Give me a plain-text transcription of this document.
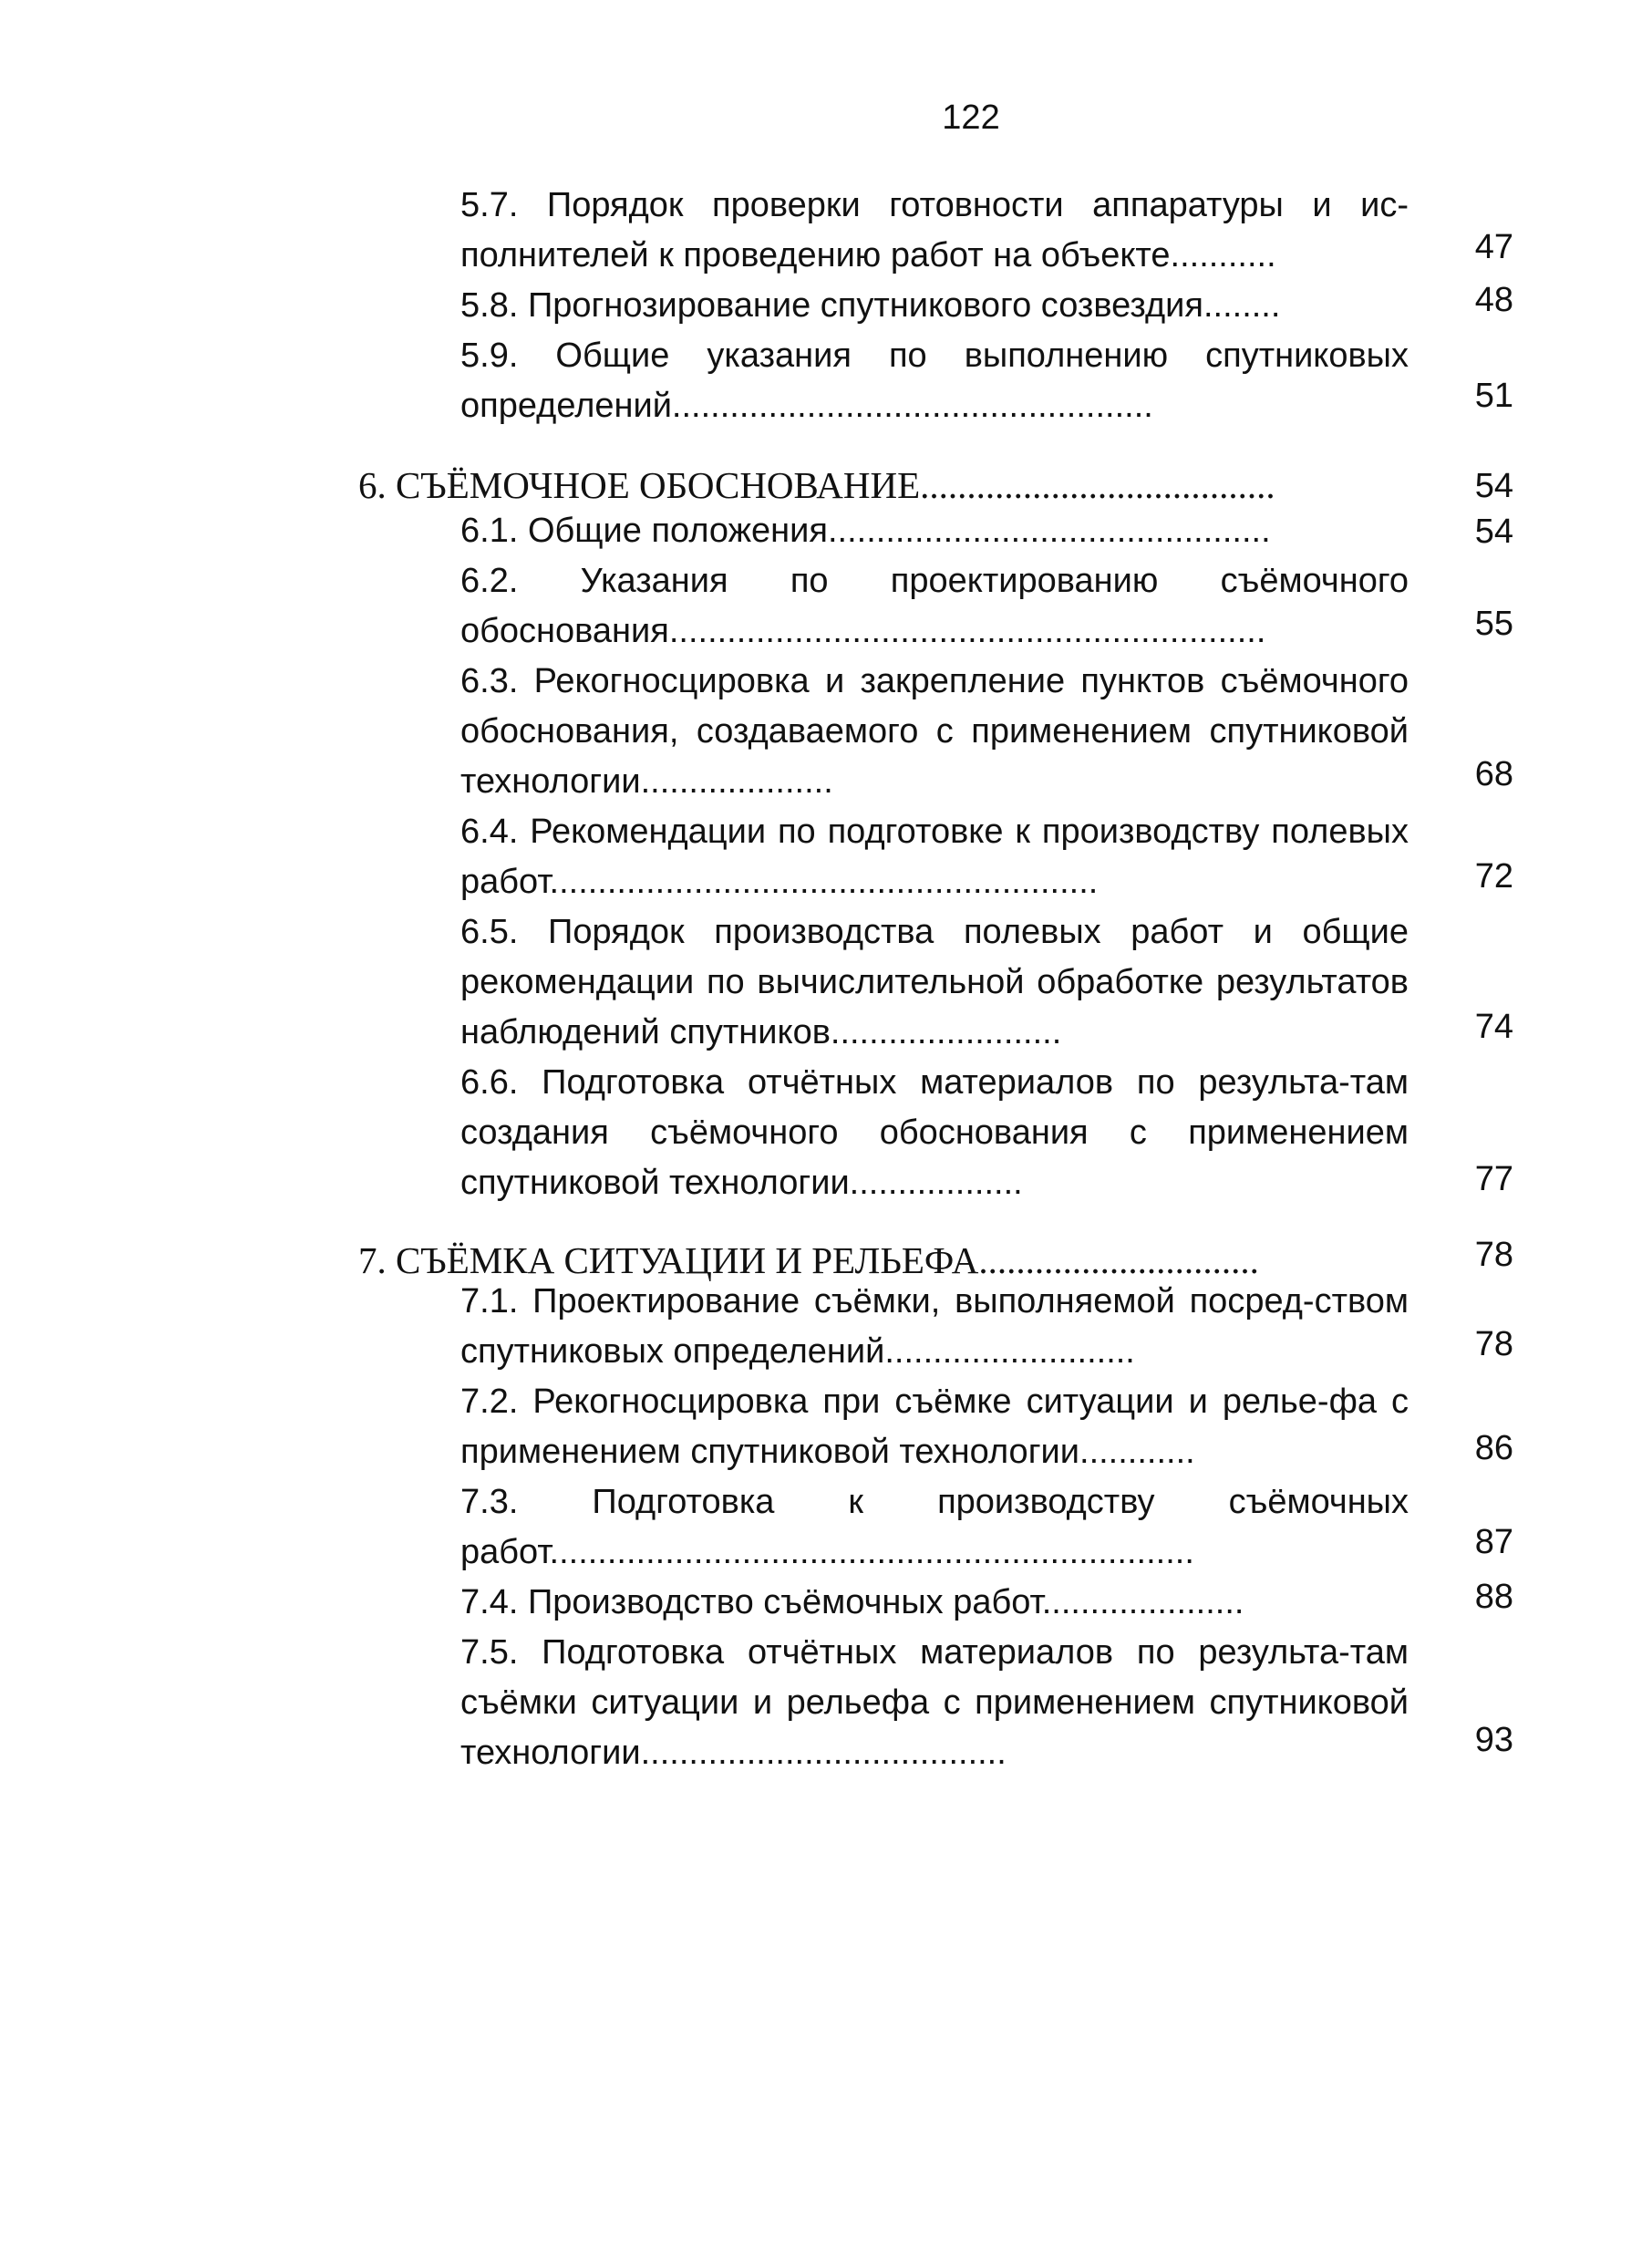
122
5.7. Порядок проверки готовности аппаратуры и ис-полнителей к проведению работ на объекте...........	47
5.8. Прогнозирование спутникового созвездия........	48
5.9. Общие указания по выполнению спутниковых определений..................................................	51
6. СЪЁМОЧНОЕ ОБОСНОВАНИЕ......................................	54
6.1. Общие положения..............................................	54
6.2. Указания по проектированию съёмочного обоснования..............................................................	55
6.3. Рекогносцировка и закрепление пунктов съёмочного обоснования, создаваемого с применением спутниковой технологии....................	68
6.4. Рекомендации по подготовке к производству полевых работ.........................................................	72
6.5. Порядок производства полевых работ и общие рекомендации по вычислительной обработке результатов наблюдений спутников........................	74
6.6. Подготовка отчётных материалов по результа-там создания съёмочного обоснования с применением спутниковой технологии..................	77
7. СЪЁМКА СИТУАЦИИ И РЕЛЬЕФА..............................	78
7.1. Проектирование съёмки, выполняемой посред-ством спутниковых определений..........................	78
7.2. Рекогносцировка при съёмке ситуации и релье-фа с применением спутниковой технологии............	86
7.3. Подготовка к производству съёмочных работ...................................................................	87
7.4. Производство съёмочных работ.....................	88
7.5. Подготовка отчётных материалов по результа-там съёмки ситуации и рельефа с применением спутниковой технологии......................................	93
